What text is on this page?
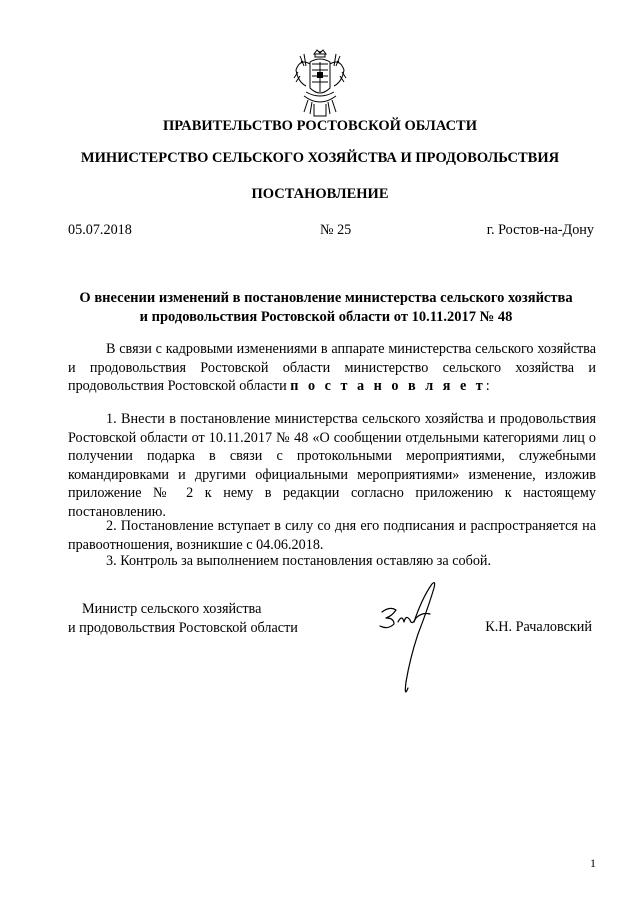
ПРАВИТЕЛЬСТВО РОСТОВСКОЙ ОБЛАСТИ
МИНИСТЕРСТВО СЕЛЬСКОГО ХОЗЯЙСТВА И ПРОДОВОЛЬСТВИЯ
ПОСТАНОВЛЕНИЕ
05.07.2018	№ 25	г. Ростов-на-Дону
О внесении изменений в постановление министерства сельского хозяйства
и продовольствия Ростовской области от 10.11.2017 № 48
В связи с кадровыми изменениями в аппарате министерства сельского хозяйства и продовольствия Ростовской области министерство сельского хозяйства и продовольствия Ростовской области п о с т а н о в л я е т:
1. Внести в постановление министерства сельского хозяйства и продовольствия Ростовской области от 10.11.2017 № 48 «О сообщении отдельными категориями лиц о получении подарка в связи с протокольными мероприятиями, служебными командировками и другими официальными мероприятиями» изменение, изложив приложение № 2 к нему в редакции согласно приложению к настоящему постановлению.
2. Постановление вступает в силу со дня его подписания и распространяется на правоотношения, возникшие с 04.06.2018.
3. Контроль за выполнением постановления оставляю за собой.
Министр сельского хозяйства
и продовольствия Ростовской области	К.Н. Рачаловский
1
